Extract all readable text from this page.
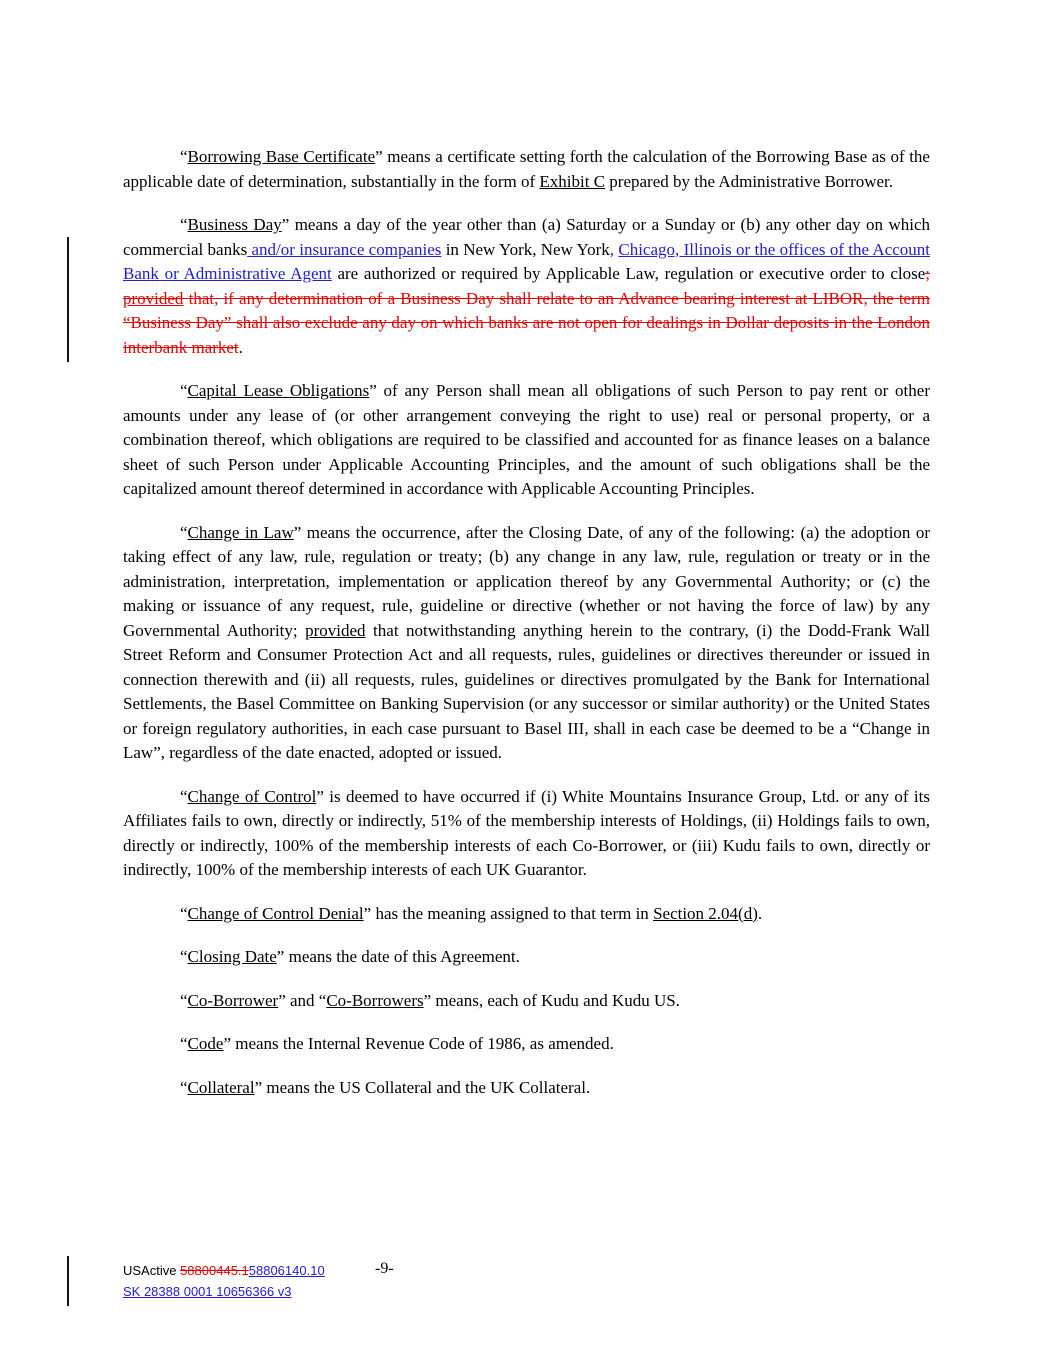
“Borrowing Base Certificate” means a certificate setting forth the calculation of the Borrowing Base as of the applicable date of determination, substantially in the form of Exhibit C prepared by the Administrative Borrower.

“Business Day” means a day of the year other than (a) Saturday or a Sunday or (b) any other day on which commercial banks and/or insurance companies in New York, New York, Chicago, Illinois or the offices of the Account Bank or Administrative Agent are authorized or required by Applicable Law, regulation or executive order to close; provided that, if any determination of a Business Day shall relate to an Advance bearing interest at LIBOR, the term “Business Day” shall also exclude any day on which banks are not open for dealings in Dollar deposits in the London interbank market.

“Capital Lease Obligations” of any Person shall mean all obligations of such Person to pay rent or other amounts under any lease of (or other arrangement conveying the right to use) real or personal property, or a combination thereof, which obligations are required to be classified and accounted for as finance leases on a balance sheet of such Person under Applicable Accounting Principles, and the amount of such obligations shall be the capitalized amount thereof determined in accordance with Applicable Accounting Principles.

“Change in Law” means the occurrence, after the Closing Date, of any of the following: (a) the adoption or taking effect of any law, rule, regulation or treaty; (b) any change in any law, rule, regulation or treaty or in the administration, interpretation, implementation or application thereof by any Governmental Authority; or (c) the making or issuance of any request, rule, guideline or directive (whether or not having the force of law) by any Governmental Authority; provided that notwithstanding anything herein to the contrary, (i) the Dodd-Frank Wall Street Reform and Consumer Protection Act and all requests, rules, guidelines or directives thereunder or issued in connection therewith and (ii) all requests, rules, guidelines or directives promulgated by the Bank for International Settlements, the Basel Committee on Banking Supervision (or any successor or similar authority) or the United States or foreign regulatory authorities, in each case pursuant to Basel III, shall in each case be deemed to be a “Change in Law”, regardless of the date enacted, adopted or issued.

“Change of Control” is deemed to have occurred if (i) White Mountains Insurance Group, Ltd. or any of its Affiliates fails to own, directly or indirectly, 51% of the membership interests of Holdings, (ii) Holdings fails to own, directly or indirectly, 100% of the membership interests of each Co-Borrower, or (iii) Kudu fails to own, directly or indirectly, 100% of the membership interests of each UK Guarantor.

“Change of Control Denial” has the meaning assigned to that term in Section 2.04(d).

“Closing Date” means the date of this Agreement.

“Co-Borrower” and “Co-Borrowers” means, each of Kudu and Kudu US.

“Code” means the Internal Revenue Code of 1986, as amended.

“Collateral” means the US Collateral and the UK Collateral.

USActive 58800445.158806140.10	-9-
SK 28388 0001 10656366 v3
